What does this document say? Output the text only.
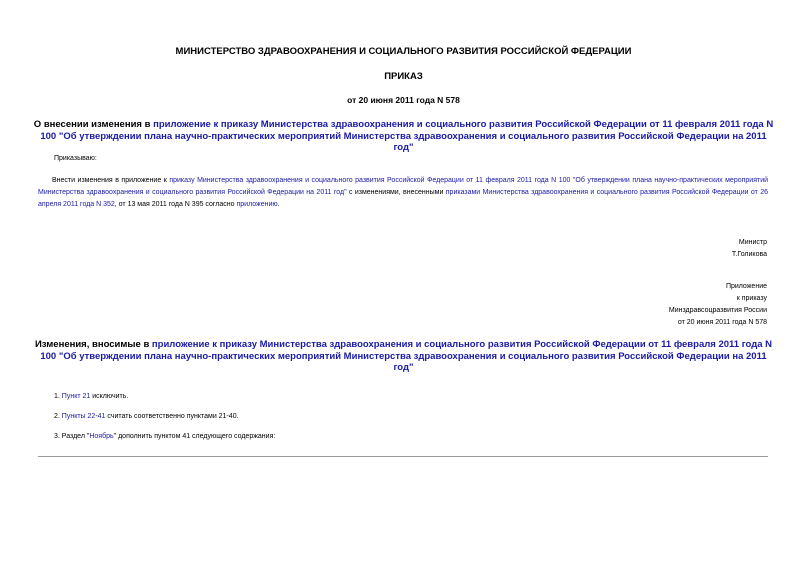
МИНИСТЕРСТВО ЗДРАВООХРАНЕНИЯ И СОЦИАЛЬНОГО РАЗВИТИЯ РОССИЙСКОЙ ФЕДЕРАЦИИ
ПРИКАЗ
от 20 июня 2011 года N 578
О внесении изменения в приложение к приказу Министерства здравоохранения и социального развития Российской Федерации от 11 февраля 2011 года N 100 "Об утверждении плана научно-практических мероприятий Министерства здравоохранения и социального развития Российской Федерации на 2011 год"
Приказываю:
Внести изменения в приложение к приказу Министерства здравоохранения и социального развития Российской Федерации от 11 февраля 2011 года N 100 "Об утверждении плана научно-практических мероприятий Министерства здравоохранения и социального развития Российской Федерации на 2011 год" с изменениями, внесенными приказами Министерства здравоохранения и социального развития Российской Федерации от 26 апреля 2011 года N 352, от 13 мая 2011 года N 395 согласно приложению.
Министр
Т.Голикова
Приложение
к приказу
Минздравсоцразвития России
от 20 июня 2011 года N 578
Изменения, вносимые в приложение к приказу Министерства здравоохранения и социального развития Российской Федерации от 11 февраля 2011 года N 100 "Об утверждении плана научно-практических мероприятий Министерства здравоохранения и социального развития Российской Федерации на 2011 год"
1. Пункт 21 исключить.
2. Пункты 22-41 считать соответственно пунктами 21-40.
3. Раздел "Ноябрь" дополнить пунктом 41 следующего содержания:
